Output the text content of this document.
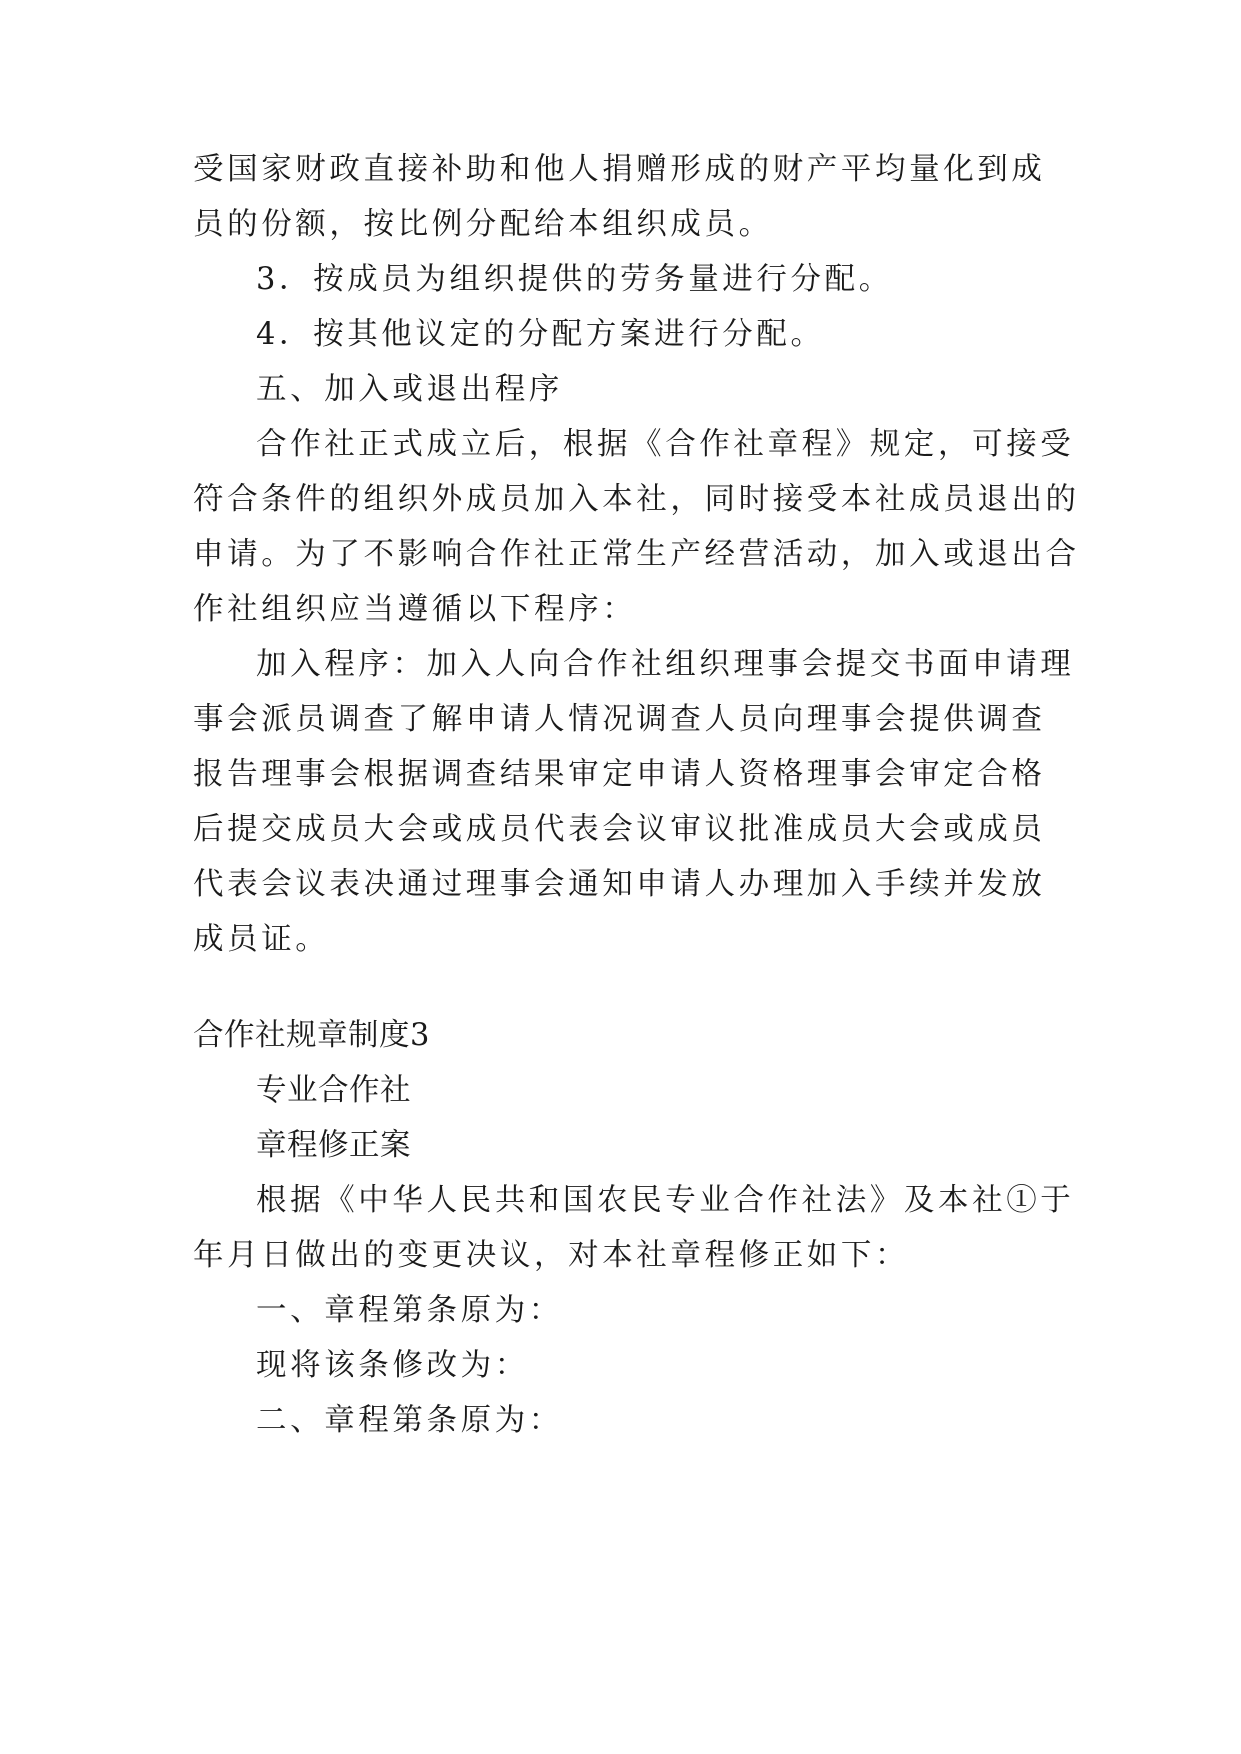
受国家财政直接补助和他人捐赠形成的财产平均量化到成
员的份额，按比例分配给本组织成员。
3．按成员为组织提供的劳务量进行分配。
4．按其他议定的分配方案进行分配。
五、加入或退出程序
合作社正式成立后，根据《合作社章程》规定，可接受
符合条件的组织外成员加入本社，同时接受本社成员退出的
申请。为了不影响合作社正常生产经营活动，加入或退出合
作社组织应当遵循以下程序：
加入程序：加入人向合作社组织理事会提交书面申请理
事会派员调查了解申请人情况调查人员向理事会提供调查
报告理事会根据调查结果审定申请人资格理事会审定合格
后提交成员大会或成员代表会议审议批准成员大会或成员
代表会议表决通过理事会通知申请人办理加入手续并发放
成员证。
合作社规章制度3
专业合作社
章程修正案
根据《中华人民共和国农民专业合作社法》及本社①于
年月日做出的变更决议，对本社章程修正如下：
一、章程第条原为：
现将该条修改为：
二、章程第条原为：
